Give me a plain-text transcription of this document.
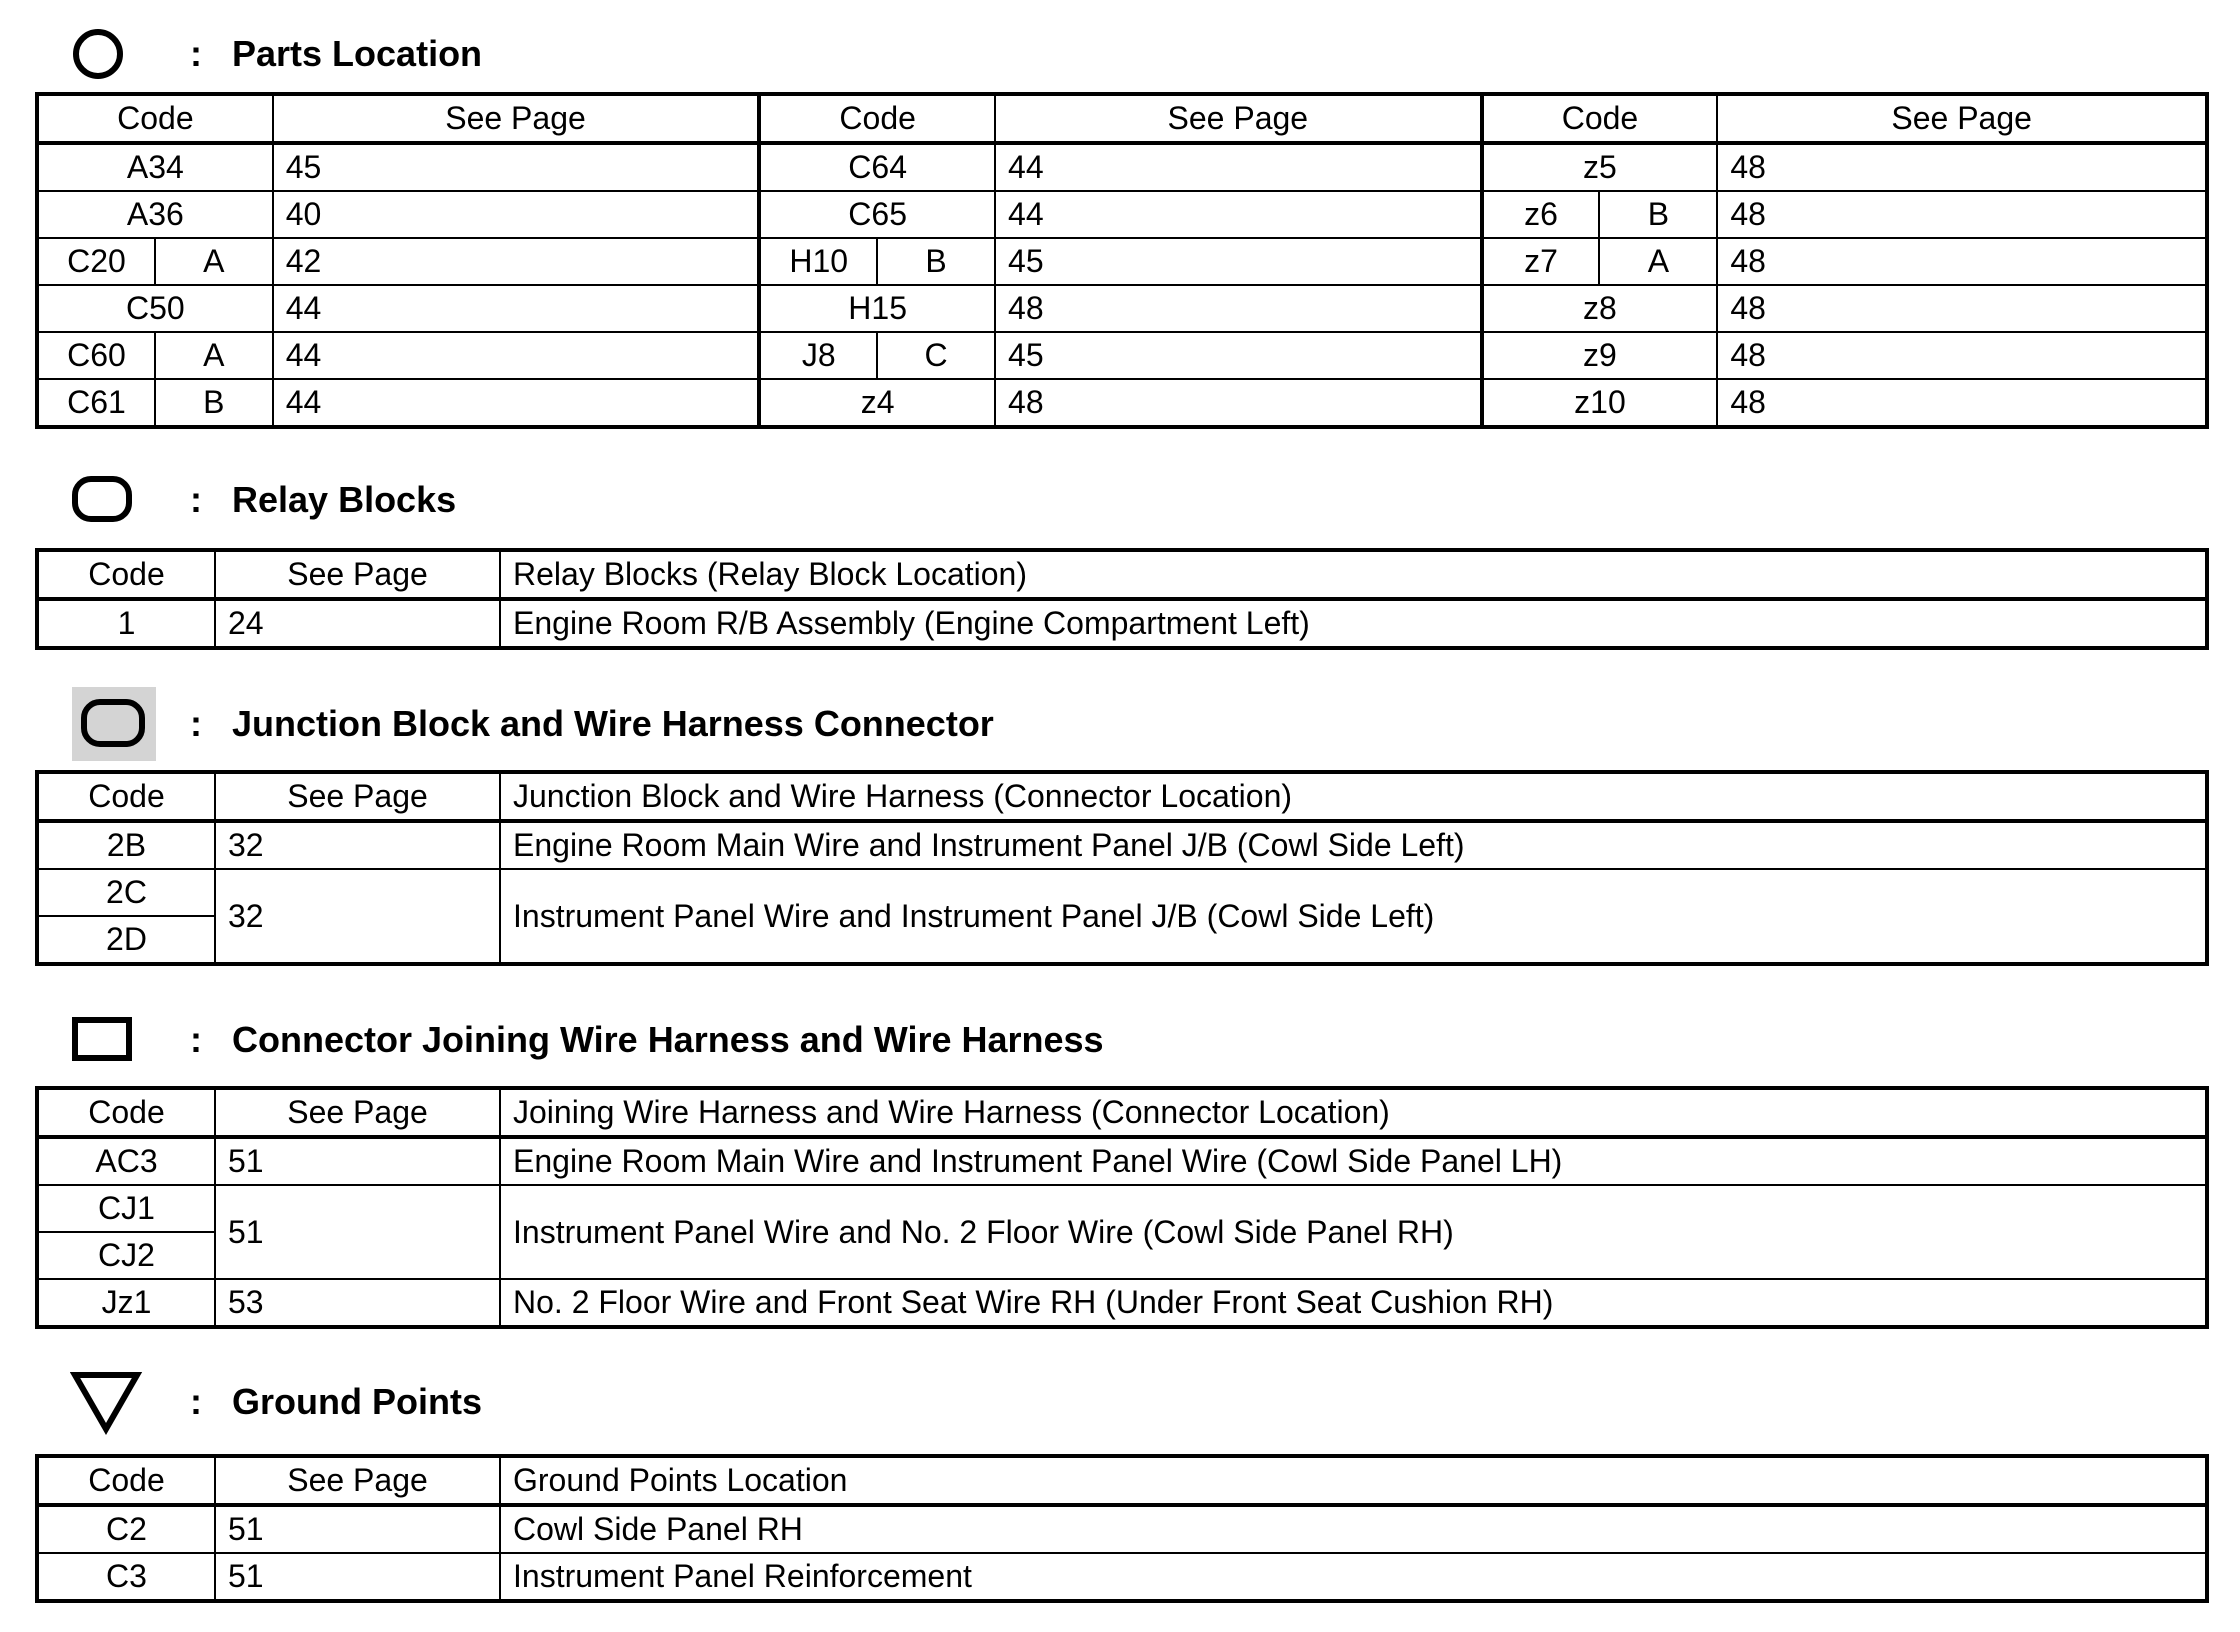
: Parts Location
Code		See Page	Code		See Page	Code		See Page
A34		45	C64		44	z5		48
A36		40	C65		44	z6	B	48
C20	A	42	H10	B	45	z7	A	48
C50		44	H15		48	z8		48
C60	A	44	J8	C	45	z9		48
C61	B	44	z4		48	z10		48
: Relay Blocks
Code	See Page	Relay Blocks (Relay Block Location)
1	24	Engine Room R/B Assembly (Engine Compartment Left)
: Junction Block and Wire Harness Connector
Code	See Page	Junction Block and Wire Harness (Connector Location)
2B	32	Engine Room Main Wire and Instrument Panel J/B (Cowl Side Left)
2C	32	Instrument Panel Wire and Instrument Panel J/B (Cowl Side Left)
2D		
: Connector Joining Wire Harness and Wire Harness
Code	See Page	Joining Wire Harness and Wire Harness (Connector Location)
AC3	51	Engine Room Main Wire and Instrument Panel Wire (Cowl Side Panel LH)
CJ1	51	Instrument Panel Wire and No. 2 Floor Wire (Cowl Side Panel RH)
CJ2		
Jz1	53	No. 2 Floor Wire and Front Seat Wire RH (Under Front Seat Cushion RH)
: Ground Points
Code	See Page	Ground Points Location
C2	51	Cowl Side Panel RH
C3	51	Instrument Panel Reinforcement
